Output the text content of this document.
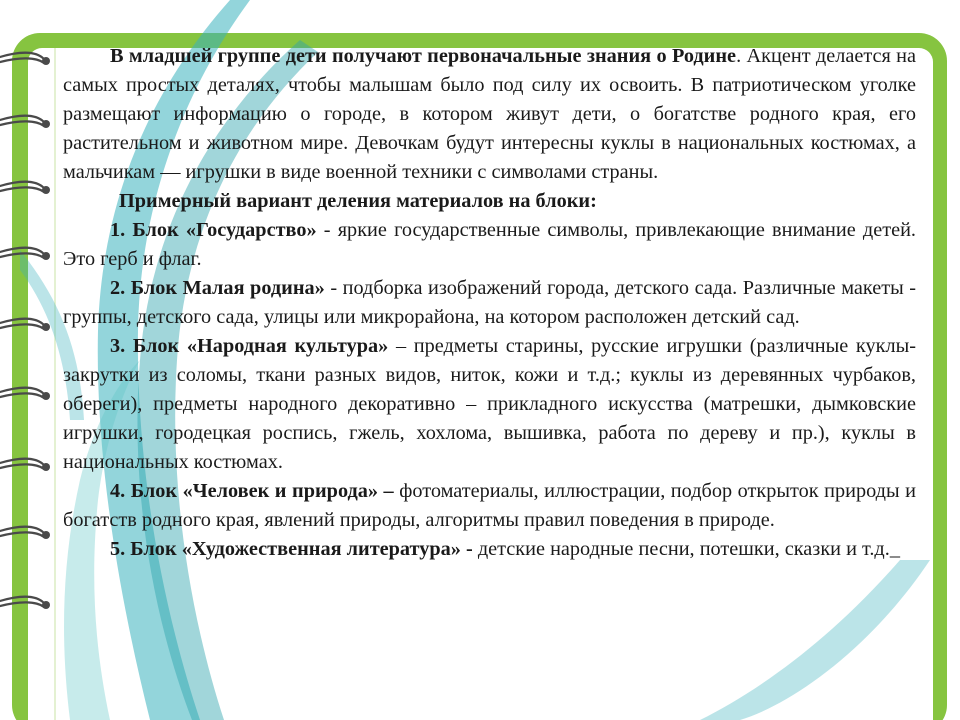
В младшей группе дети получают первоначальные знания о Родине. Акцент делается на самых простых деталях, чтобы малышам было под силу их освоить. В патриотическом уголке размещают информацию о городе, в котором живут дети, о богатстве родного края, его растительном и животном мире. Девочкам будут интересны куклы в национальных костюмах, а мальчикам — игрушки в виде военной техники с символами страны.

Примерный вариант деления материалов на блоки:

1. Блок «Государство» - яркие государственные символы, привлекающие внимание детей. Это герб и флаг.

2. Блок Малая родина» - подборка изображений города, детского сада. Различные макеты - группы, детского сада, улицы или микрорайона, на котором расположен детский сад.

3. Блок «Народная культура» – предметы старины, русские игрушки (различные куклы-закрутки из соломы, ткани разных видов, ниток, кожи и т.д.; куклы из деревянных чурбаков, обереги), предметы народного декоративно – прикладного искусства (матрешки, дымковские игрушки, городецкая роспись, гжель, хохлома, вышивка, работа по дереву и пр.), куклы в национальных костюмах.

4. Блок «Человек и природа» – фотоматериалы, иллюстрации, подбор открыток природы и богатств родного края, явлений природы, алгоритмы правил поведения в природе.

5. Блок «Художественная литература» - детские народные песни, потешки, сказки и т.д._
